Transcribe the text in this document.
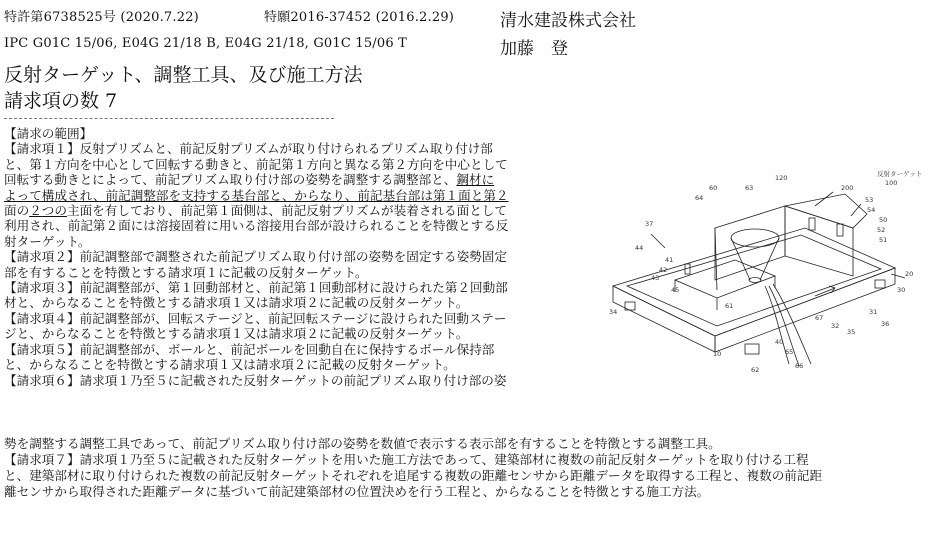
特許第6738525号 (2020.7.22)	特願2016-37452 (2016.2.29)	清水建設株式会社
IPC G01C 15/06, E04G 21/18 B, E04G 21/18, G01C 15/06 T	加藤　登
反射ターゲット、調整工具、及び施工方法
請求項の数 7
【請求の範囲】
【請求項１】反射プリズムと、前記反射プリズムが取り付けられるプリズム取り付け部
と、第１方向を中心として回転する動きと、前記第１方向と異なる第２方向を中心として
回転する動きとによって、前記プリズム取り付け部の姿勢を調整する調整部と、鋼材に
よって構成され、前記調整部を支持する基台部と、からなり、前記基台部は第１面と第２
面の２つの主面を有しており、前記第１面側は、前記反射プリズムが装着される面として
利用され、前記第２面には溶接固着に用いる溶接用台部が設けられることを特徴とする反
射ターゲット。
【請求項２】前記調整部で調整された前記プリズム取り付け部の姿勢を固定する姿勢固定
部を有することを特徴とする請求項１に記載の反射ターゲット。
【請求項３】前記調整部が、第１回動部材と、前記第１回動部材に設けられた第２回動部
材と、からなることを特徴とする請求項１又は請求項２に記載の反射ターゲット。
【請求項４】前記調整部が、回転ステージと、前記回転ステージに設けられた回動ステー
ジと、からなることを特徴とする請求項１又は請求項２に記載の反射ターゲット。
【請求項５】前記調整部が、ボールと、前記ボールを回動自在に保持するボール保持部
と、からなることを特徴とする請求項１又は請求項２に記載の反射ターゲット。
【請求項６】請求項１乃至５に記載された反射ターゲットの前記プリズム取り付け部の姿
反射ターゲット
100
120
200
53
54
50
52
51
37
44
64
60
41
42
43
45
63
20
30
31
34
36
35
32
10
40
65
66
67
62
61
勢を調整する調整工具であって、前記プリズム取り付け部の姿勢を数値で表示する表示部を有することを特徴とする調整工具。
【請求項７】請求項１乃至５に記載された反射ターゲットを用いた施工方法であって、建築部材に複数の前記反射ターゲットを取り付ける工程
と、建築部材に取り付けられた複数の前記反射ターゲットそれぞれを追尾する複数の距離センサから距離データを取得する工程と、複数の前記距
離センサから取得された距離データに基づいて前記建築部材の位置決めを行う工程と、からなることを特徴とする施工方法。
